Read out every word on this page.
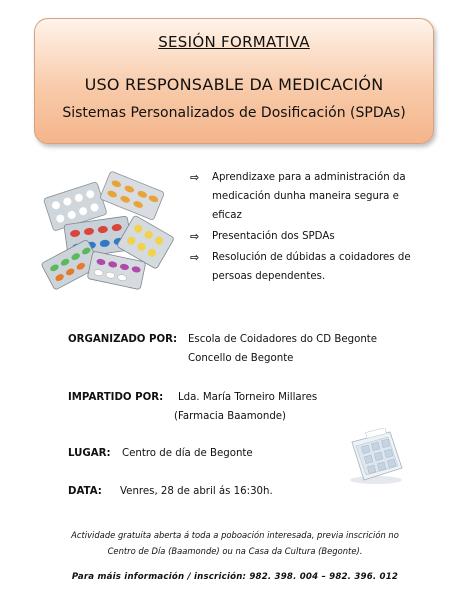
SESIÓN FORMATIVA
USO RESPONSABLE DA MEDICACIÓN
Sistemas Personalizados de Dosificación (SPDAs)
⇨ Aprendizaxe para a administración da medicación dunha maneira segura e eficaz
⇨ Presentación dos SPDAs
⇨ Resolución de dúbidas a coidadores de persoas dependentes.
ORGANIZADO POR: Escola de Coidadores do CD Begonte
Concello de Begonte
IMPARTIDO POR: Lda. María Torneiro Millares
(Farmacia Baamonde)
LUGAR: Centro de día de Begonte
DATA: Venres, 28 de abril ás 16:30h.
Actividade gratuita aberta á toda a poboación interesada, previa inscrición no
Centro de Día (Baamonde) ou na Casa da Cultura (Begonte).
Para máis información / inscrición: 982. 398. 004 – 982. 396. 012
